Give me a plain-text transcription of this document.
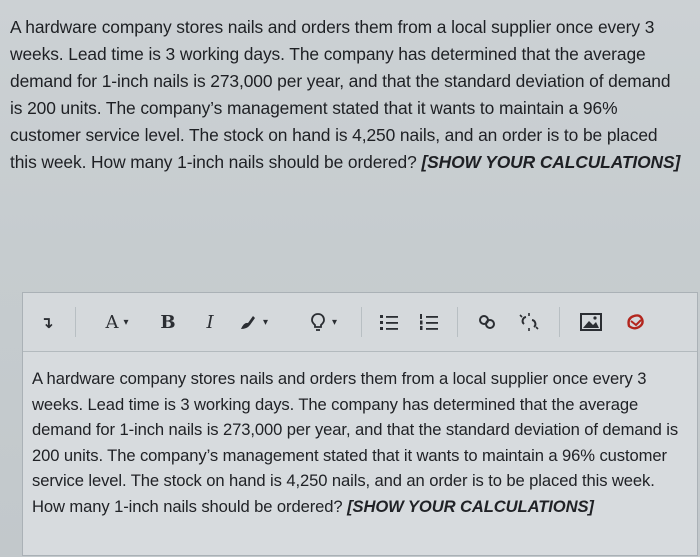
A hardware company stores nails and orders them from a local supplier once every 3 weeks. Lead time is 3 working days. The company has determined that the average demand for 1-inch nails is 273,000 per year, and that the standard deviation of demand is 200 units. The company’s management stated that it wants to maintain a 96% customer service level. The stock on hand is 4,250 nails, and an order is to be placed this week. How many 1-inch nails should be ordered? [SHOW YOUR CALCULATIONS]
↴	A ▾ B I	▾	▾
A hardware company stores nails and orders them from a local supplier once every 3 weeks. Lead time is 3 working days. The company has determined that the average demand for 1-inch nails is 273,000 per year, and that the standard deviation of demand is 200 units. The company’s management stated that it wants to maintain a 96% customer service level. The stock on hand is 4,250 nails, and an order is to be placed this week. How many 1-inch nails should be ordered? [SHOW YOUR CALCULATIONS]
